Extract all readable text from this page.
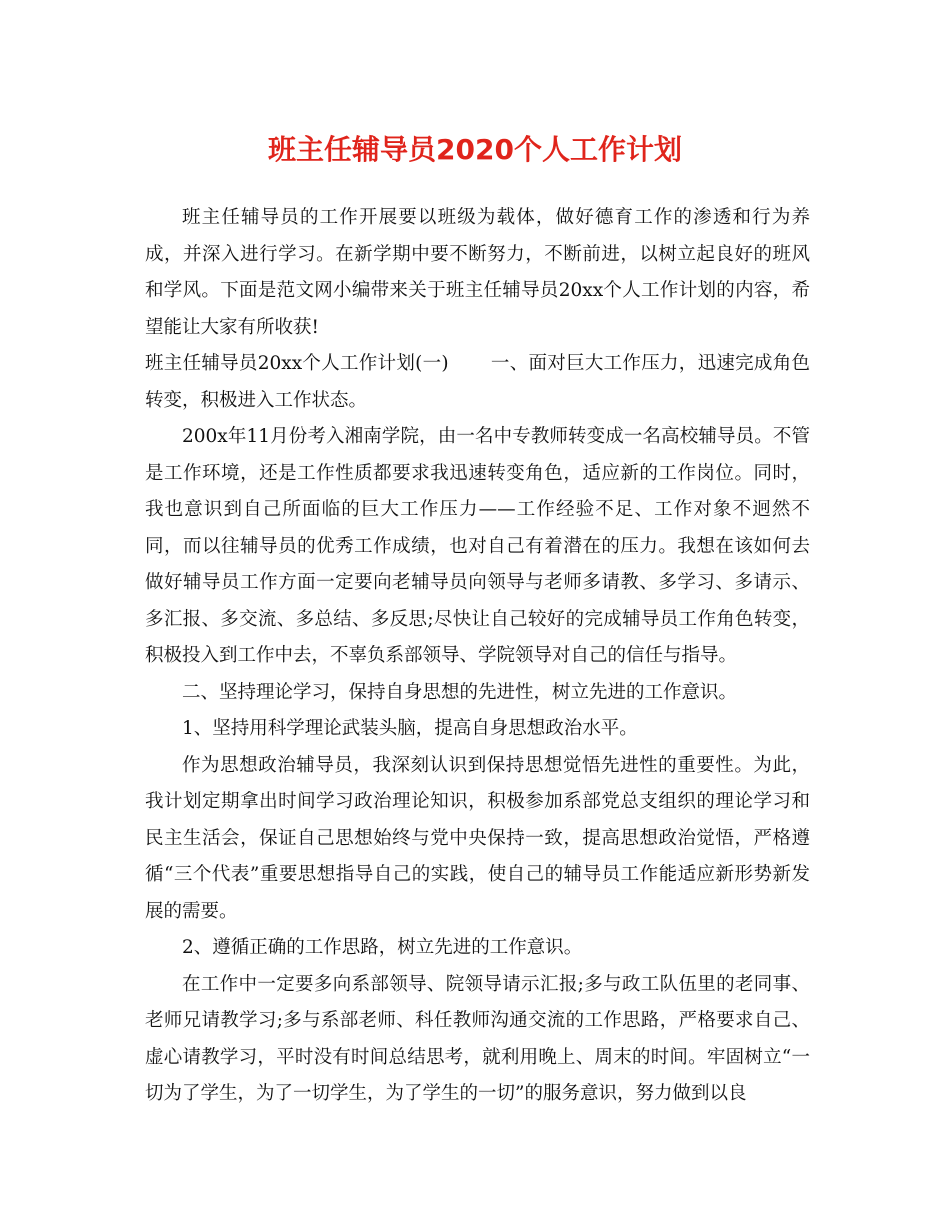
班主任辅导员2020个人工作计划

班主任辅导员的工作开展要以班级为载体，做好德育工作的渗透和行为养成，并深入进行学习。在新学期中要不断努力，不断前进，以树立起良好的班风和学风。下面是范文网小编带来关于班主任辅导员20xx个人工作计划的内容，希望能让大家有所收获!

班主任辅导员20xx个人工作计划(一) 一、面对巨大工作压力，迅速完成角色转变，积极进入工作状态。

200x年11月份考入湘南学院，由一名中专教师转变成一名高校辅导员。不管是工作环境，还是工作性质都要求我迅速转变角色，适应新的工作岗位。同时，我也意识到自己所面临的巨大工作压力——工作经验不足、工作对象不迥然不同，而以往辅导员的优秀工作成绩，也对自己有着潜在的压力。我想在该如何去做好辅导员工作方面一定要向老辅导员向领导与老师多请教、多学习、多请示、多汇报、多交流、多总结、多反思;尽快让自己较好的完成辅导员工作角色转变，积极投入到工作中去，不辜负系部领导、学院领导对自己的信任与指导。

二、坚持理论学习，保持自身思想的先进性，树立先进的工作意识。

1、坚持用科学理论武装头脑，提高自身思想政治水平。

作为思想政治辅导员，我深刻认识到保持思想觉悟先进性的重要性。为此，我计划定期拿出时间学习政治理论知识，积极参加系部党总支组织的理论学习和民主生活会，保证自己思想始终与党中央保持一致，提高思想政治觉悟，严格遵循“三个代表”重要思想指导自己的实践，使自己的辅导员工作能适应新形势新发展的需要。

2、遵循正确的工作思路，树立先进的工作意识。

在工作中一定要多向系部领导、院领导请示汇报;多与政工队伍里的老同事、老师兄请教学习;多与系部老师、科任教师沟通交流的工作思路，严格要求自己、虚心请教学习，平时没有时间总结思考，就利用晚上、周末的时间。牢固树立“一切为了学生，为了一切学生，为了学生的一切”的服务意识，努力做到以良
